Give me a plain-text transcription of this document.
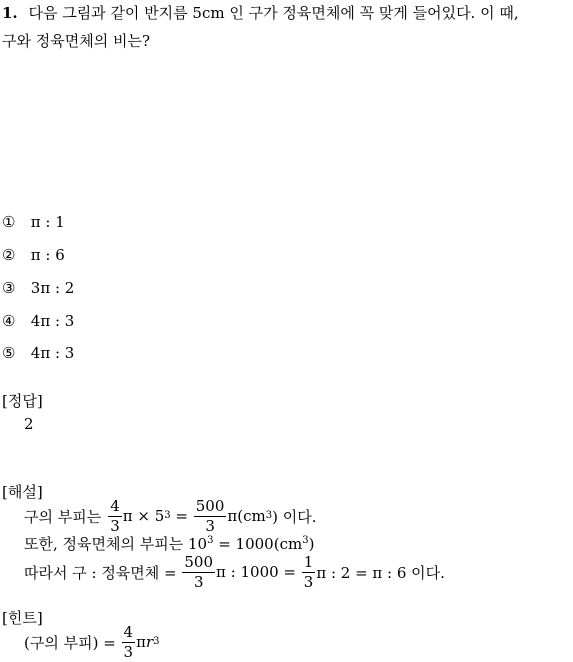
1. 다음 그림과 같이 반지름 5cm 인 구가 정육면체에 꼭 맞게 들어있다. 이 때,
구와 정육면체의 비는?
① π : 1
② π : 6
③ 3π : 2
④ 4π : 3
⑤ 4π : 3
[정답]
2
[해설]
구의 부피는 $\frac{4}{3}$ π × 5 $3 = \frac{500}{3} \pi(cm$ 3 ) 이다.
또한, 정육면체의 부피는 $10^3 = 1000(cm^3)$
따라서 구 : 정육면체 = $\frac{500}{3}$ π : $1000 = \frac{1}{3}$ π : 2 = π : 6 이다.
[힌트]
(구의 부피) = $\frac{4}{3}$ π r 3
